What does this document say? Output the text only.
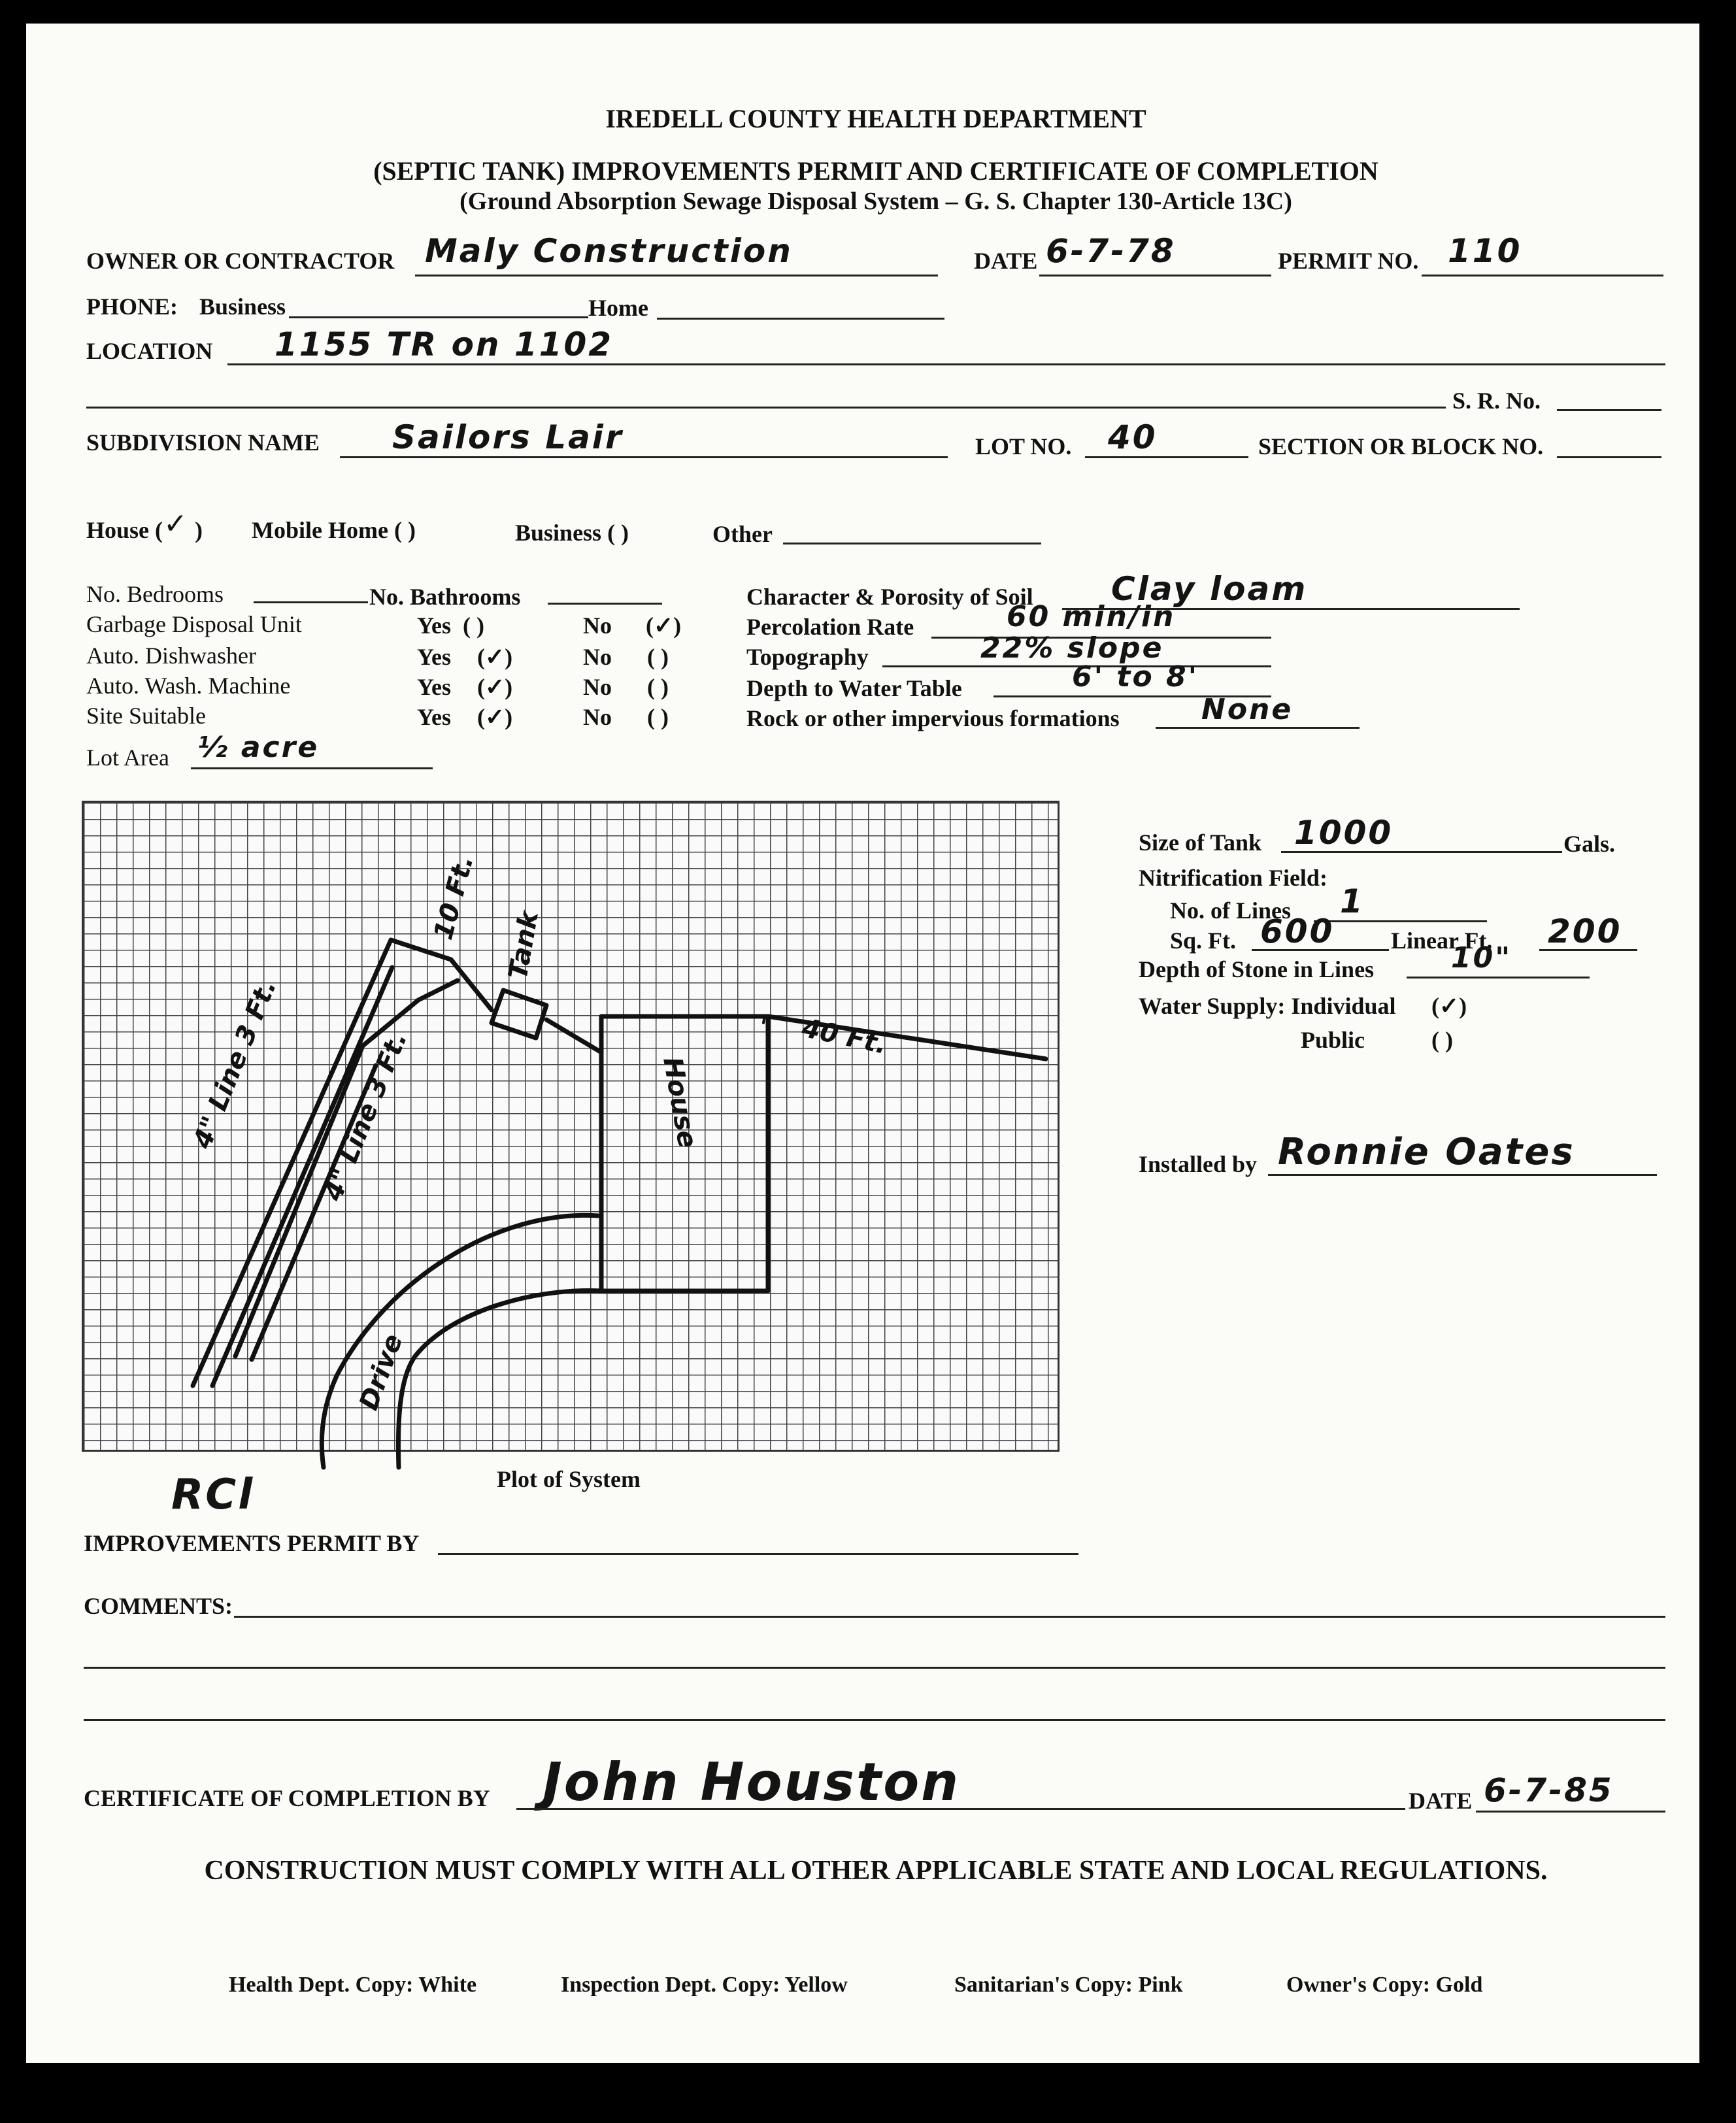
IREDELL COUNTY HEALTH DEPARTMENT
(SEPTIC TANK) IMPROVEMENTS PERMIT AND CERTIFICATE OF COMPLETION
(Ground Absorption Sewage Disposal System – G. S. Chapter 130-Article 13C)
OWNER OR CONTRACTOR Maly Construction	DATE 6-7-78	PERMIT NO. 110
PHONE: Business	Home
LOCATION 1155 TR on 1102
S. R. No.
SUBDIVISION NAME Sailors Lair	LOT NO. 40	SECTION OR BLOCK NO.
House ( ✓ ) Mobile Home ( )	Business ( )	Other
No. Bedrooms	No. Bathrooms
Garbage Disposal Unit	Yes ( )	No (✓)
Auto. Dishwasher	Yes (✓)	No ( )
Auto. Wash. Machine	Yes (✓)	No ( )
Site Suitable	Yes (✓)	No ( )
Lot Area ½ acre
Character & Porosity of Soil Clay loam
Percolation Rate	60 min/in
Topography	22% slope
Depth to Water Table	6' to 8'
Rock or other impervious formations	None
4" Line 3 Ft. 4" Line 3 Ft.
10 Ft.
Tank
House
Drive
40 Ft.
Plot of System
Size of Tank 1000	Gals.
Nitrification Field:
No. of Lines 1
Sq. Ft. 600 Linear Ft. 200
Depth of Stone in Lines	10"
Water Supply: Individual (✓)
Public	( )
Installed by Ronnie Oates
RCl
IMPROVEMENTS PERMIT BY
COMMENTS:
CERTIFICATE OF COMPLETION BY John Houston	DATE 6-7-85
CONSTRUCTION MUST COMPLY WITH ALL OTHER APPLICABLE STATE AND LOCAL REGULATIONS.
Health Dept. Copy: White	Inspection Dept. Copy: Yellow	Sanitarian's Copy: Pink	Owner's Copy: Gold
